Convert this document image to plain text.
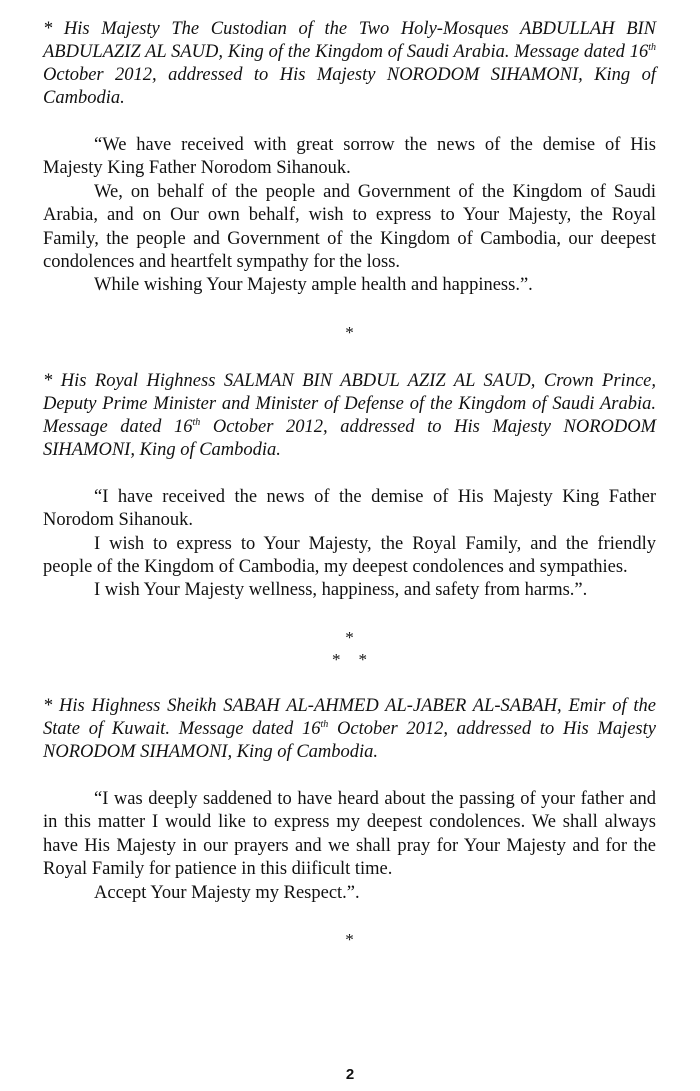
* His Majesty The Custodian of the Two Holy-Mosques ABDULLAH BIN ABDULAZIZ AL SAUD, King of the Kingdom of Saudi Arabia. Message dated 16th October 2012, addressed to His Majesty NORODOM SIHAMONI, King of Cambodia.

“We have received with great sorrow the news of the demise of His Majesty King Father Norodom Sihanouk.

We, on behalf of the people and Government of the Kingdom of Saudi Arabia, and on Our own behalf, wish to express to Your Majesty, the Royal Family, the people and Government of the Kingdom of Cambodia, our deepest condolences and heartfelt sympathy for the loss.

While wishing Your Majesty ample health and happiness.”.

*

* His Royal Highness SALMAN BIN ABDUL AZIZ AL SAUD, Crown Prince, Deputy Prime Minister and Minister of Defense of the Kingdom of Saudi Arabia. Message dated 16th October 2012, addressed to His Majesty NORODOM SIHAMONI, King of Cambodia.

“I have received the news of the demise of His Majesty King Father Norodom Sihanouk.

I wish to express to Your Majesty, the Royal Family, and the friendly people of the Kingdom of Cambodia, my deepest condolences and sympathies.

I wish Your Majesty wellness, happiness, and safety from harms.”.

*
* *

* His Highness Sheikh SABAH AL-AHMED AL-JABER AL-SABAH, Emir of the State of Kuwait. Message dated 16th October 2012, addressed to His Majesty NORODOM SIHAMONI, King of Cambodia.

“I was deeply saddened to have heard about the passing of your father and in this matter I would like to express my deepest condolences. We shall always have His Majesty in our prayers and we shall pray for Your Majesty and for the Royal Family for patience in this diificult time.

Accept Your Majesty my Respect.”.

*

2
